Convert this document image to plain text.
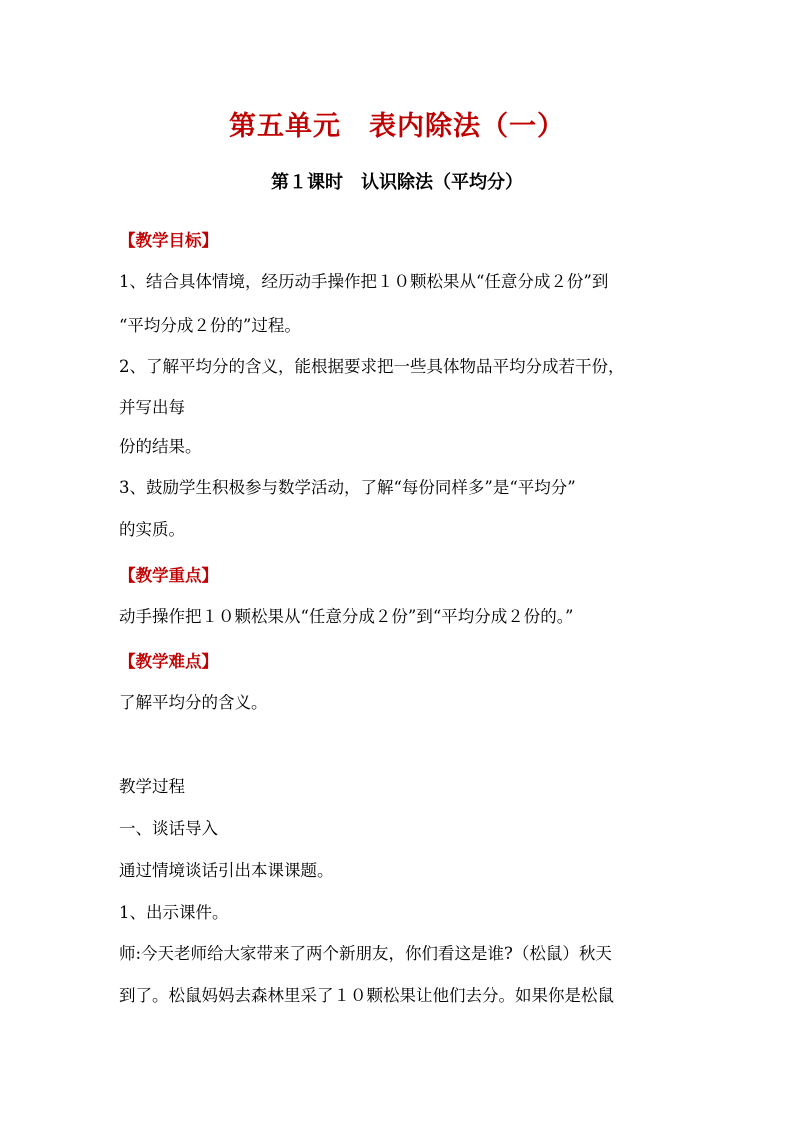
第五单元　表内除法（一）
第１课时　认识除法（平均分）
【教学目标】
1、结合具体情境，经历动手操作把１０颗松果从“任意分成２份”到
“平均分成２份的”过程。
2、了解平均分的含义，能根据要求把一些具体物品平均分成若干份，
并写出每
份的结果。
3、鼓励学生积极参与数学活动，了解“每份同样多”是“平均分”
的实质。
【教学重点】
动手操作把１０颗松果从“任意分成２份”到“平均分成２份的。”
【教学难点】
了解平均分的含义。
教学过程
一、谈话导入
通过情境谈话引出本课课题。
1、出示课件。
师:今天老师给大家带来了两个新朋友，你们看这是谁?（松鼠）秋天
到了。松鼠妈妈去森林里采了１０颗松果让他们去分。如果你是松鼠
